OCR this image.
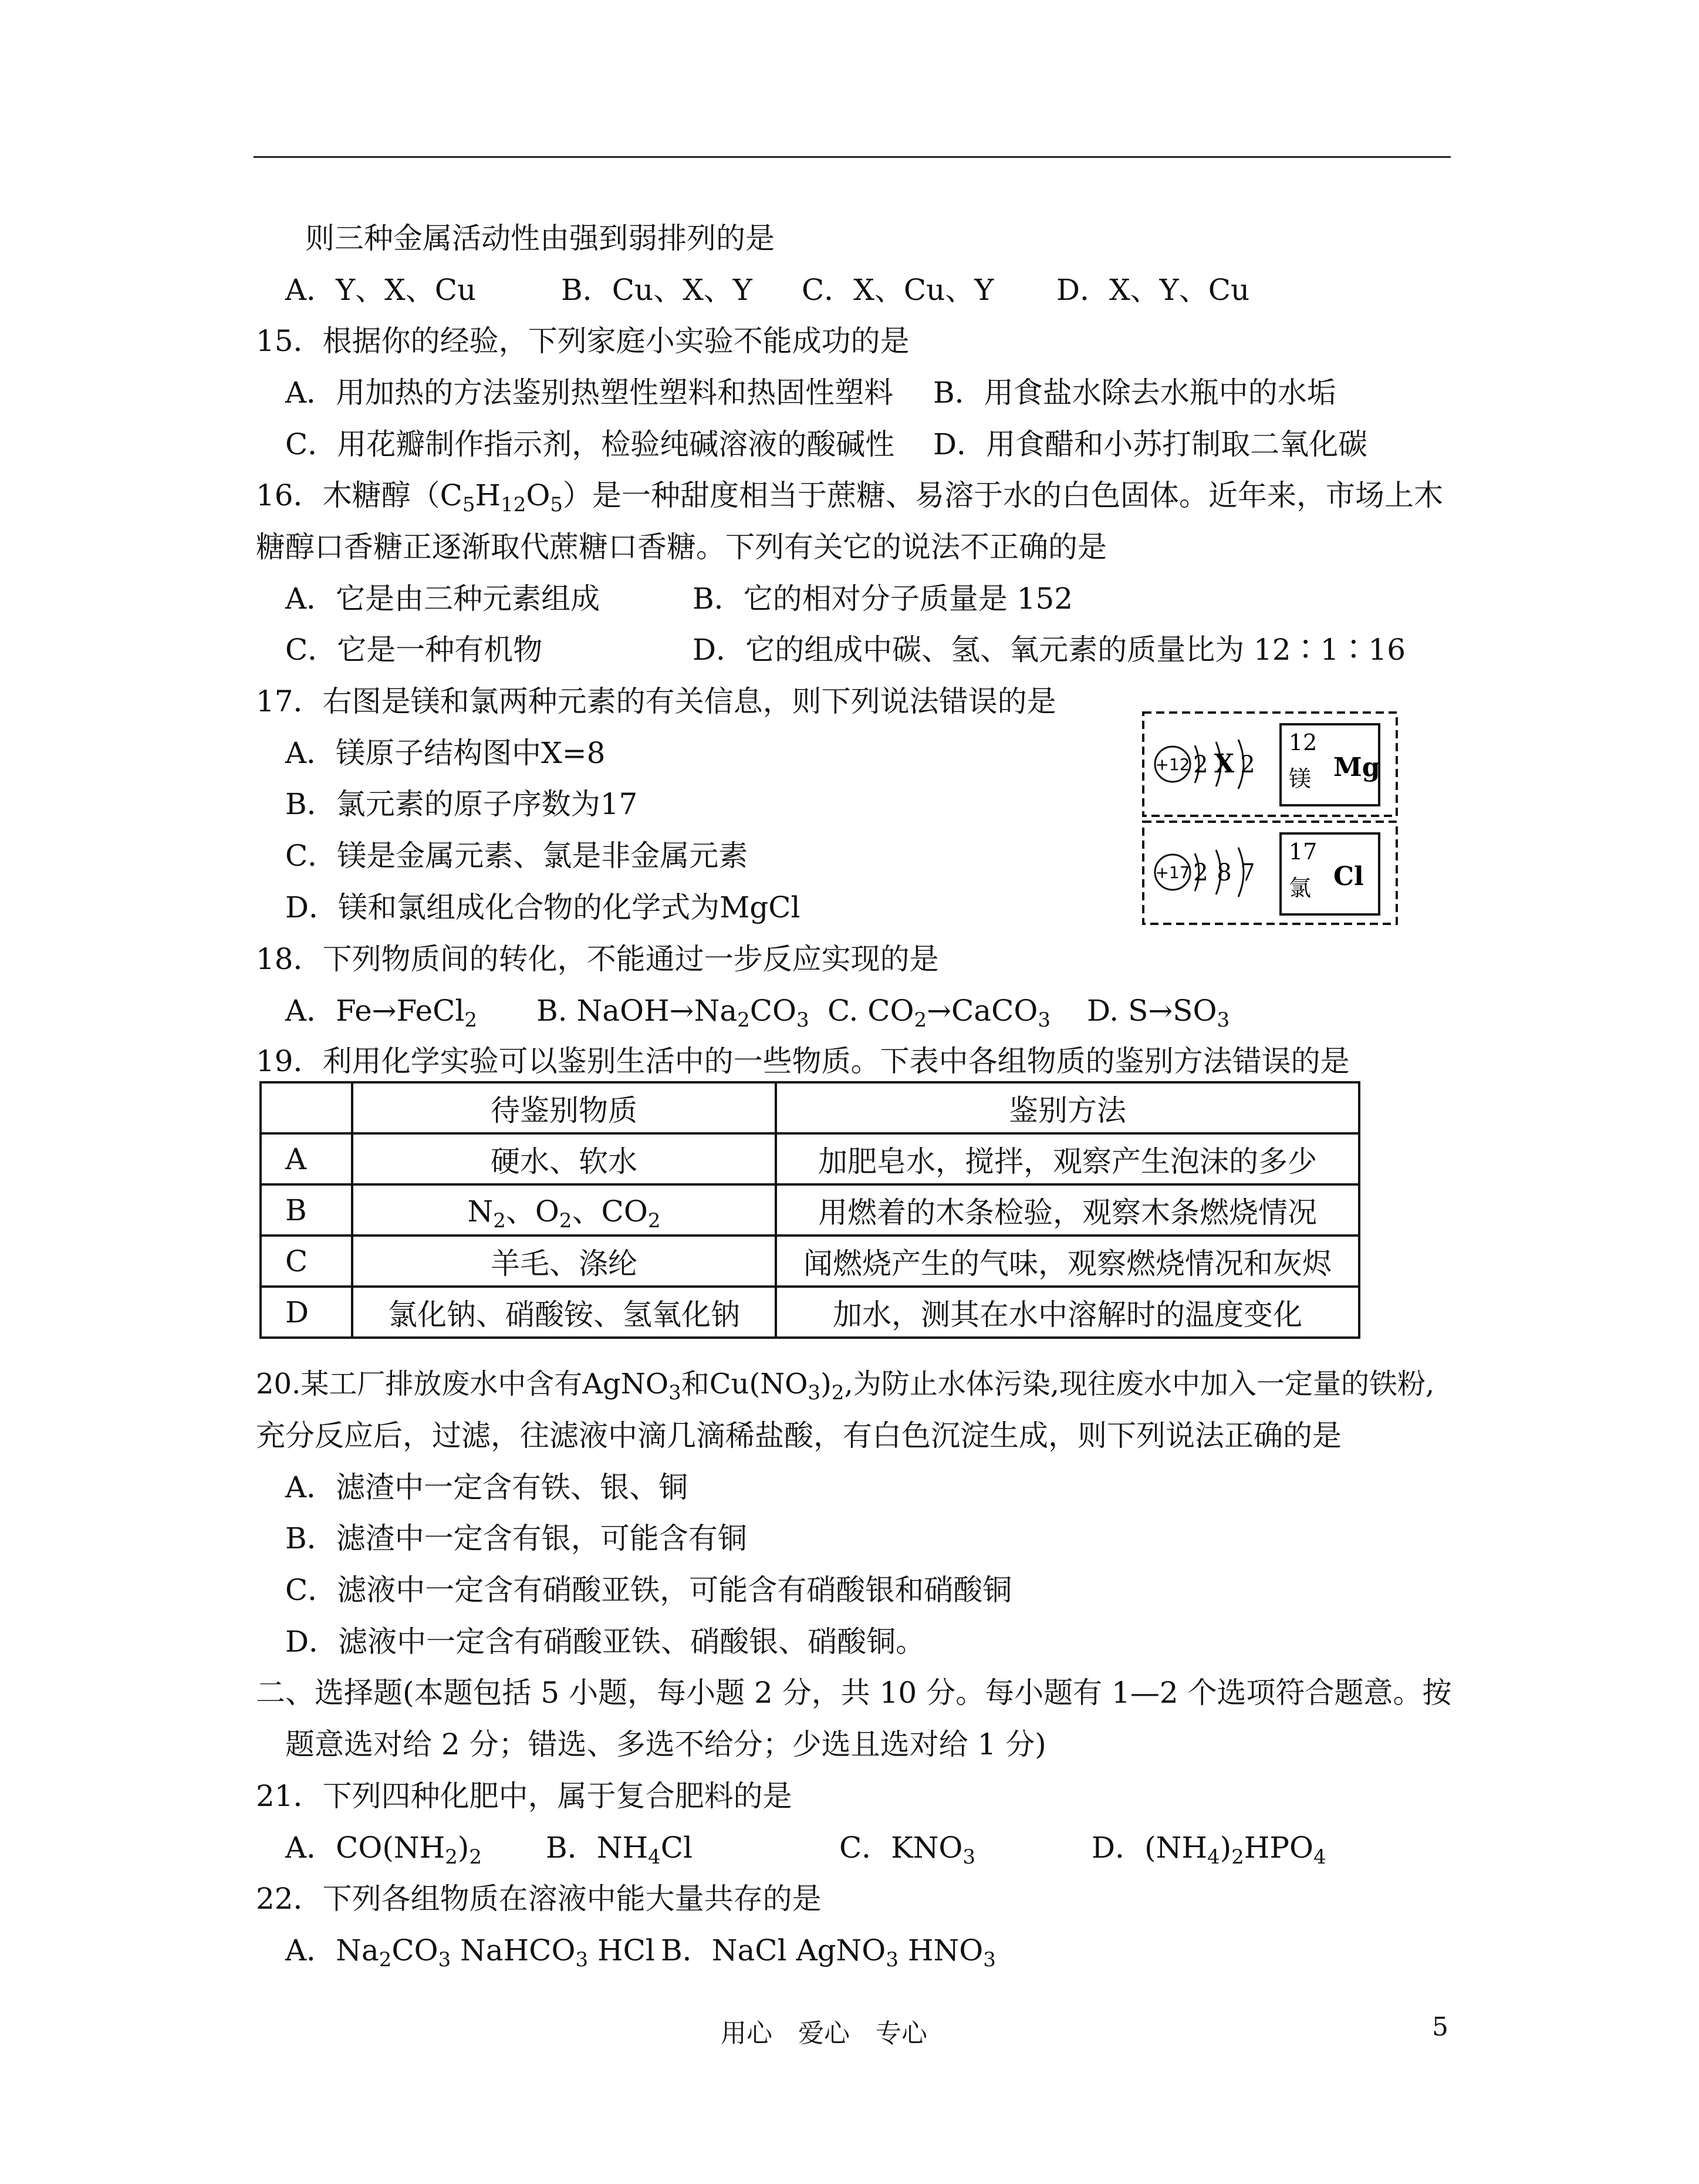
则三种金属活动性由强到弱排列的是
A．Y、X、Cu	B．Cu、X、Y C．X、Cu、Y D．X、Y、Cu
15．根据你的经验，下列家庭小实验不能成功的是
A．用加热的方法鉴别热塑性塑料和热固性塑料 B．用食盐水除去水瓶中的水垢
C．用花瓣制作指示剂，检验纯碱溶液的酸碱性 D．用食醋和小苏打制取二氧化碳
16．木糖醇$(C_5H_{12}O_5)$是一种甜度相当于蔗糖、易溶于水的白色固体。近年来，市场上木
糖醇口香糖正逐渐取代蔗糖口香糖。下列有关它的说法不正确的是
A．它是由三种元素组成	B．它的相对分子质量是 152
C．它是一种有机物	D．它的组成中碳、氢、氧元素的质量比为 12∶1∶16
17．右图是镁和氯两种元素的有关信息，则下列说法错误的是
A．镁原子结构图中X=8
B．氯元素的原子序数为17
C．镁是金属元素、氯是非金属元素
D．镁和氯组成化合物的化学式为MgCl
+12 2 X 2
12
镁 Mg
+17 2 8 7
17
氯 Cl
18．下列物质间的转化，不能通过一步反应实现的是
A．Fe→FeCl$_2$ B. $NaOH\to Na_2CO_3$ C. $CO_2\to CaCO_3$ D. $S\to SO_3$
19．利用化学实验可以鉴别生活中的一些物质。下表中各组物质的鉴别方法错误的是
	待鉴别物质	鉴别方法
A	硬水、软水	加肥皂水，搅拌，观察产生泡沫的多少
B	$N_2$、$O_2$、$CO_2$	用燃着的木条检验，观察木条燃烧情况
C	羊毛、涤纶	闻燃烧产生的气味，观察燃烧情况和灰烬
D	氯化钠、硝酸铵、氢氧化钠	加水，测其在水中溶解时的温度变化
20.某工厂排放废水中含有AgNO$_3$和$Cu(NO_3)_2$,为防止水体污染,现往废水中加入一定量的铁粉,
充分反应后，过滤，往滤液中滴几滴稀盐酸，有白色沉淀生成，则下列说法正确的是
A．滤渣中一定含有铁、银、铜
B．滤渣中一定含有银，可能含有铜
C．滤液中一定含有硝酸亚铁，可能含有硝酸银和硝酸铜
D．滤液中一定含有硝酸亚铁、硝酸银、硝酸铜。
二、选择题(本题包括 5 小题，每小题 2 分，共 10 分。每小题有 1—2 个选项符合题意。按
题意选对给 2 分；错选、多选不给分；少选且选对给 1 分)
21．下列四种化肥中，属于复合肥料的是
A．$CO(NH_2)_2$ B．$NH_4Cl$	C．$KNO_3$	D．$(NH_4)_2HPO_4$
22．下列各组物质在溶液中能大量共存的是
A．$Na_2CO_3$ NaHCO$_3$ HCl B．NaCl AgNO$_3$ $HNO_3$
用心 爱心 专心	5
